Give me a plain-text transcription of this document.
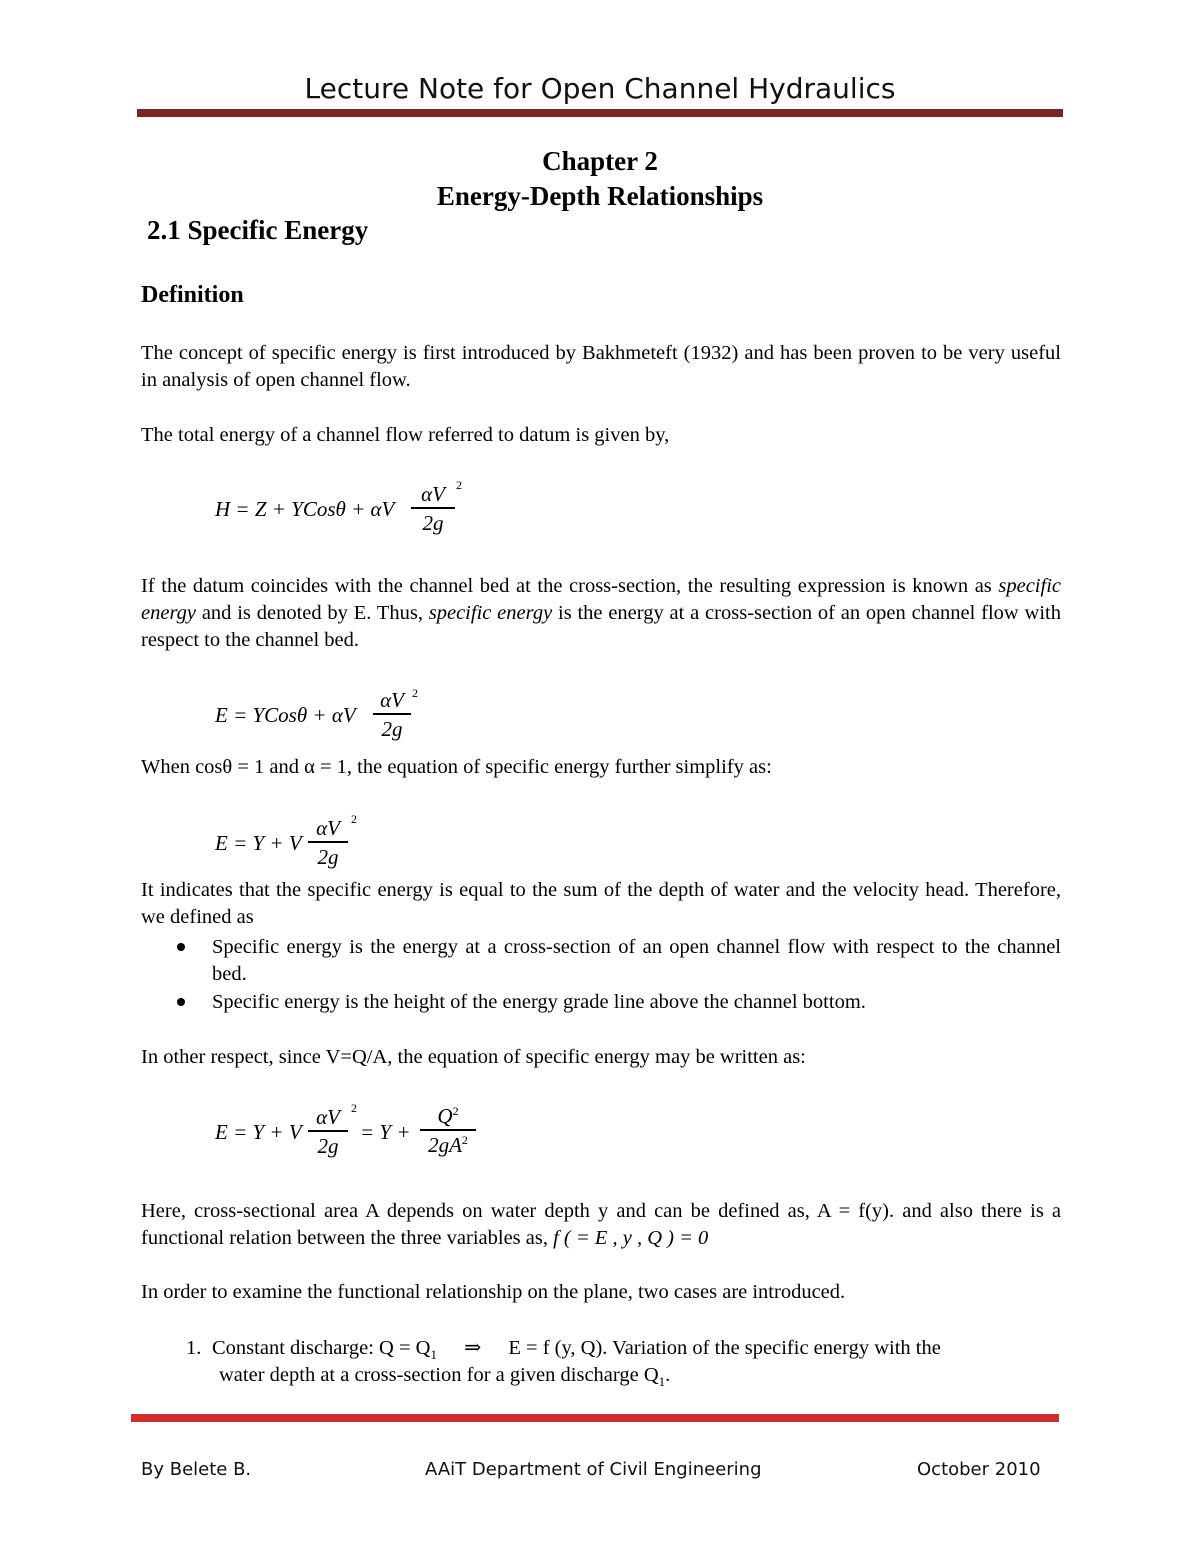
Lecture Note for Open Channel Hydraulics
Chapter 2
Energy-Depth Relationships
2.1 Specific Energy
Definition
The concept of specific energy is first introduced by Bakhmeteft (1932) and has been proven to be very useful in analysis of open channel flow.
The total energy of a channel flow referred to datum is given by,
H = Z + YCosθ + αV
αV
2g
2
If the datum coincides with the channel bed at the cross-section, the resulting expression is known as specific energy and is denoted by E. Thus, specific energy is the energy at a cross-section of an open channel flow with respect to the channel bed.
E = YCosθ + αV
αV
2g
2
When cosθ = 1 and α = 1, the equation of specific energy further simplify as:
E = Y + V
αV
2g
2
It indicates that the specific energy is equal to the sum of the depth of water and the velocity head. Therefore, we defined as
Specific energy is the energy at a cross-section of an open channel flow with respect to the channel bed.
Specific energy is the height of the energy grade line above the channel bottom.
In other respect, since V=Q/A, the equation of specific energy may be written as:
E = Y + V
αV
2g
2
= Y +
$Q^2$
$2gA^2$
Here, cross-sectional area A depends on water depth y and can be defined as, A = f(y). and also there is a functional relation between the three variables as, f ( = E , y , Q ) = 0
In order to examine the functional relationship on the plane, two cases are introduced.
1. Constant discharge: $Q = Q_1$ ⇒ E = f (y, Q). Variation of the specific energy with the
water depth at a cross-section for a given discharge $Q_1$.
By Belete B.	AAiT Department of Civil Engineering	October 2010
